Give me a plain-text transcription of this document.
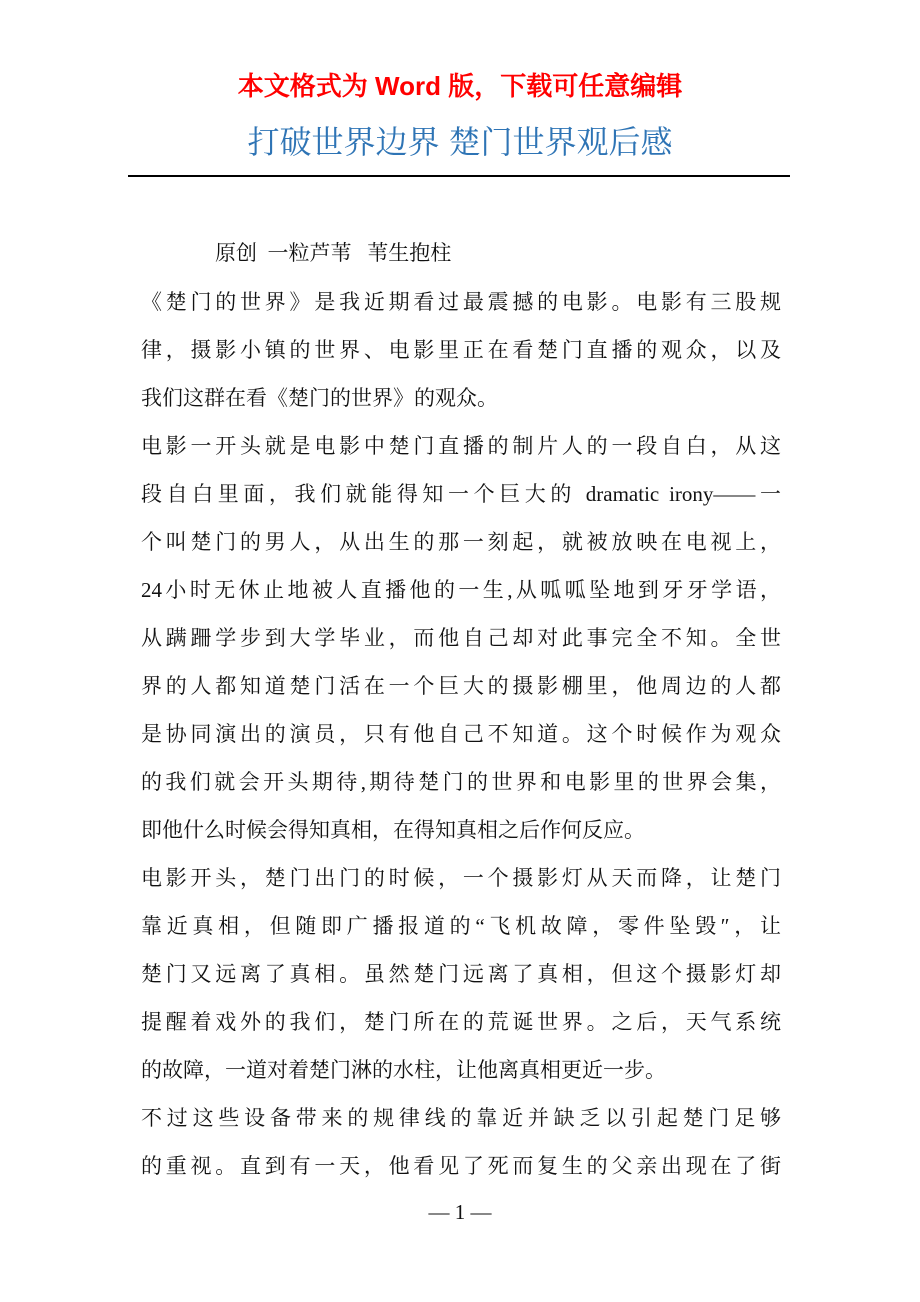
本文格式为 Word 版，下载可任意编辑
打破世界边界 楚门世界观后感
原创  一粒芦苇   苇生抱柱
《楚门的世界》是我近期看过最震撼的电影。电影有三股规
律，摄影小镇的世界、电影里正在看楚门直播的观众，以及
我们这群在看《楚门的世界》的观众。
电影一开头就是电影中楚门直播的制片人的一段自白，从这
段自白里面，我们就能得知一个巨大的 dramatic irony——一
个叫楚门的男人，从出生的那一刻起，就被放映在电视上，
24小时无休止地被人直播他的一生,从呱呱坠地到牙牙学语，
从蹒跚学步到大学毕业，而他自己却对此事完全不知。全世
界的人都知道楚门活在一个巨大的摄影棚里，他周边的人都
是协同演出的演员，只有他自己不知道。这个时候作为观众
的我们就会开头期待,期待楚门的世界和电影里的世界会集，
即他什么时候会得知真相，在得知真相之后作何反应。
电影开头，楚门出门的时候，一个摄影灯从天而降，让楚门
靠近真相，但随即广播报道的“飞机故障，零件坠毁″，让
楚门又远离了真相。虽然楚门远离了真相，但这个摄影灯却
提醒着戏外的我们，楚门所在的荒诞世界。之后，天气系统
的故障，一道对着楚门淋的水柱，让他离真相更近一步。
不过这些设备带来的规律线的靠近并缺乏以引起楚门足够
的重视。直到有一天，他看见了死而复生的父亲出现在了街
— 1 —
